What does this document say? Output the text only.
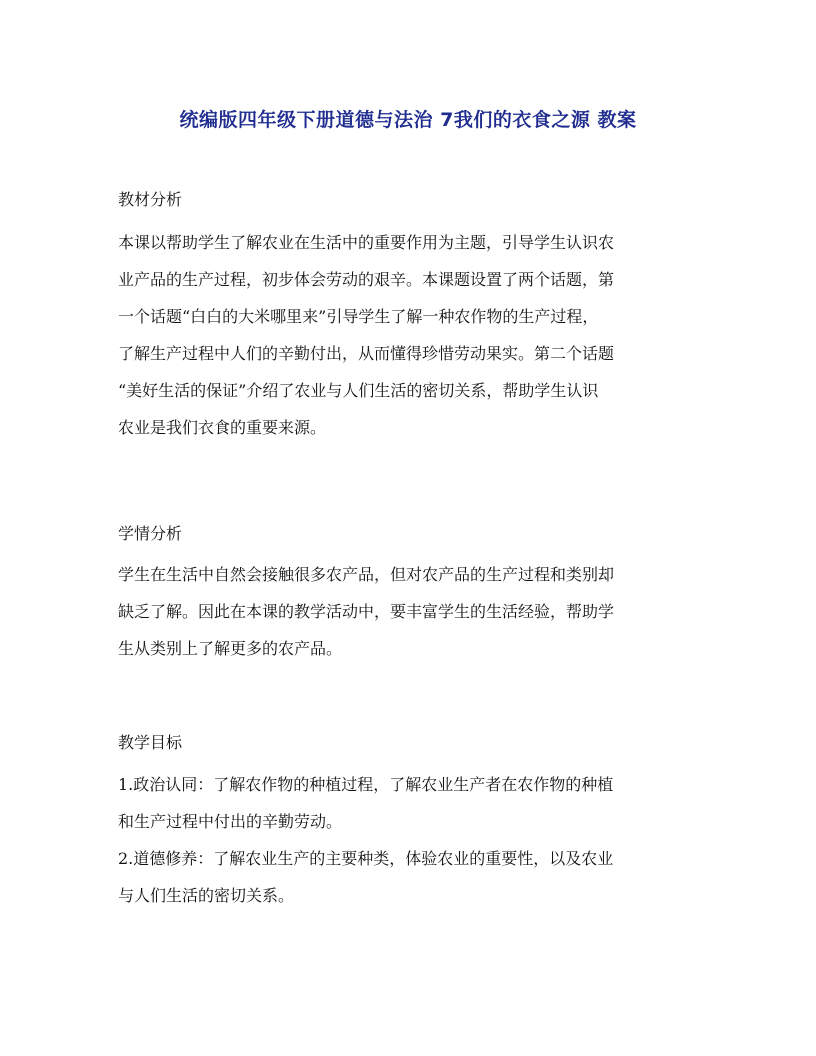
统编版四年级下册道德与法治 7我们的衣食之源 教案
教材分析
本课以帮助学生了解农业在生活中的重要作用为主题，引导学生认识农
业产品的生产过程，初步体会劳动的艰辛。本课题设置了两个话题，第
一个话题“白白的大米哪里来”引导学生了解一种农作物的生产过程，
了解生产过程中人们的辛勤付出，从而懂得珍惜劳动果实。第二个话题
“美好生活的保证”介绍了农业与人们生活的密切关系，帮助学生认识
农业是我们衣食的重要来源。
学情分析
学生在生活中自然会接触很多农产品，但对农产品的生产过程和类别却
缺乏了解。因此在本课的教学活动中，要丰富学生的生活经验，帮助学
生从类别上了解更多的农产品。
教学目标
1.政治认同：了解农作物的种植过程，了解农业生产者在农作物的种植
和生产过程中付出的辛勤劳动。
2.道德修养：了解农业生产的主要种类，体验农业的重要性，以及农业
与人们生活的密切关系。
